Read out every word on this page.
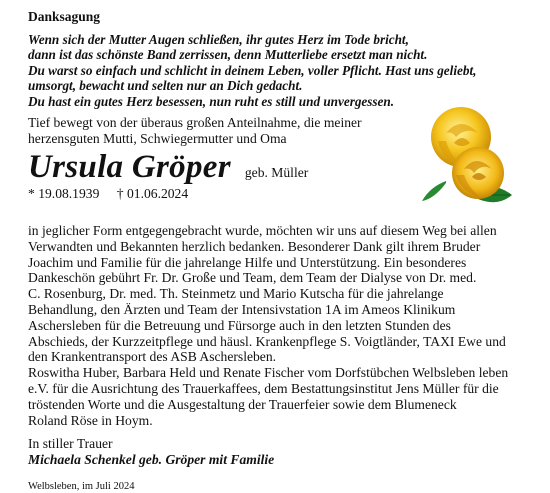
Danksagung
Wenn sich der Mutter Augen schließen, ihr gutes Herz im Tode bricht,
dann ist das schönste Band zerrissen, denn Mutterliebe ersetzt man nicht.
Du warst so einfach und schlicht in deinem Leben, voller Pflicht. Hast uns geliebt,
umsorgt, bewacht und selten nur an Dich gedacht.
Du hast ein gutes Herz besessen, nun ruht es still und unvergessen.
Tief bewegt von der überaus großen Anteilnahme, die meiner herzensguten Mutti, Schwiegermutter und Oma
Ursula Gröper geb. Müller
* 19.08.1939 † 01.06.2024
in jeglicher Form entgegengebracht wurde, möchten wir uns auf diesem Weg bei allen
Verwandten und Bekannten herzlich bedanken. Besonderer Dank gilt ihrem Bruder
Joachim und Familie für die jahrelange Hilfe und Unterstützung. Ein besonderes
Dankeschön gebührt Fr. Dr. Große und Team, dem Team der Dialyse von Dr. med.
C. Rosenburg, Dr. med. Th. Steinmetz und Mario Kutscha für die jahrelange
Behandlung, den Ärzten und Team der Intensivstation 1A im Ameos Klinikum
Aschersleben für die Betreuung und Fürsorge auch in den letzten Stunden des
Abschieds, der Kurzzeitpflege und häusl. Krankenpflege S. Voigtländer, TAXI Ewe und
den Krankentransport des ASB Aschersleben.
Roswitha Huber, Barbara Held und Renate Fischer vom Dorfstübchen Welbsleben leben
e.V. für die Ausrichtung des Trauerkaffees, dem Bestattungsinstitut Jens Müller für die
tröstenden Worte und die Ausgestaltung der Trauerfeier sowie dem Blumeneck
Roland Röse in Hoym.
In stiller Trauer
Michaela Schenkel geb. Gröper mit Familie
Welbsleben, im Juli 2024
